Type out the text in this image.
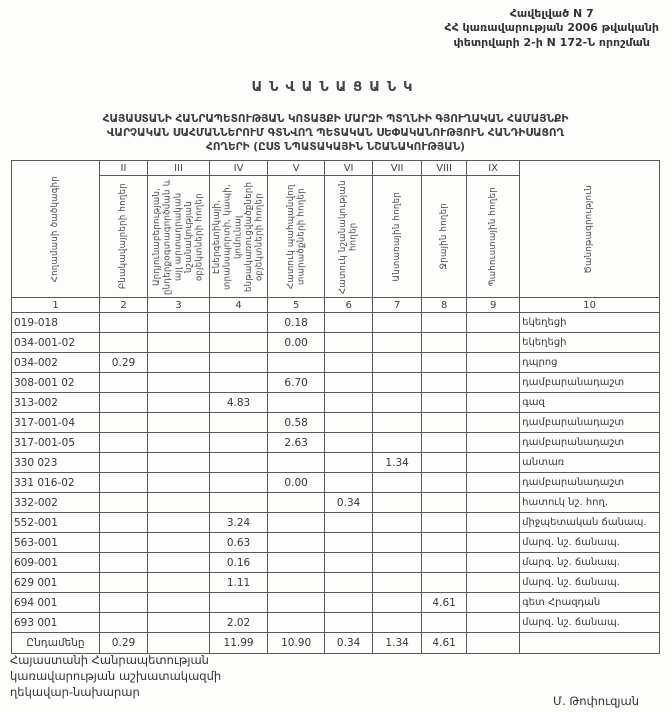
Հավելված N 7
ՀՀ կառավարության 2006 թվականի
փետրվարի 2-ի N 172-Ն որոշման
ԱՆՎԱՆԱՑԱՆԿ
ՀԱՅԱՍՏԱՆԻ ՀԱՆՐԱՊԵՏՈՒԹՅԱՆ ԿՈՏԱՅՔԻ ՄԱՐԶԻ ՊՏՂՆԻԻ ԳՅՈՒՂԱԿԱՆ ՀԱՄԱՅՆՔԻ
ՎԱՐՉԱԿԱՆ ՍԱՀՄԱՆՆԵՐՈՒՄ ԳՏՆՎՈՂ ՊԵՏԱԿԱՆ ՍԵՓԱԿԱՆՈՒԹՅՈՒՆ ՀԱՆԴԻՍԱՑՈՂ
ՀՈՂԵՐԻ (ԸՍՏ ՆՊԱՏԱԿԱՅԻՆ ՆՇԱՆԱԿՈՒԹՅԱՆ)
Հողամասի ծածկագիր	II	III	IV	V	VI	VII	VIII	IX	Ծանոթագրություն

	Բնակավայրերի հողեր	Արդյունաբերության, ընդերքօգտագործման և այլ արտադրական նշանակության օբյեկտների հողեր	Էներգետիկայի, տրանսպորտի, կապի, կոմունալ ենթակառուցվածքների օբյեկտների հողեր	Հատուկ պահպանվող տարածքների հողեր	Հատուկ նշանակության հողեր	Անտառային հողեր	Ջրային հողեր	Պահուստային հողեր	

1	2	3	4	5	6	7	8	9	10
019-018				0.18					եկեղեցի
034-001-02				0.00					եկեղեցի
034-002	0.29								դպրոց
308-001 02				6.70					դամբարանադաշտ
313-002			4.83						գազ
317-001-04				0.58					դամբարանադաշտ
317-001-05				2.63					դամբարանադաշտ
330 023						1.34			անտառ
331 016-02				0.00					դամբարանադաշտ
332-002					0.34				հատուկ նշ. հող.
552-001			3.24						միջպետական ճանապ.
563-001			0.63						մարզ. նշ. ճանապ.
609-001			0.16						մարզ. նշ. ճանապ.
629 001			1.11						մարզ. նշ. ճանապ.
694 001							4.61		գետ Հրազդան
693 001			2.02						մարզ. նշ. ճանապ.
Ընդամենը	0.29		11.99	10.90	0.34	1.34	4.61		
Հայաստանի Հանրապետության
կառավարության աշխատակազմի
ղեկավար-նախարար
Մ. Թոփուզյան
